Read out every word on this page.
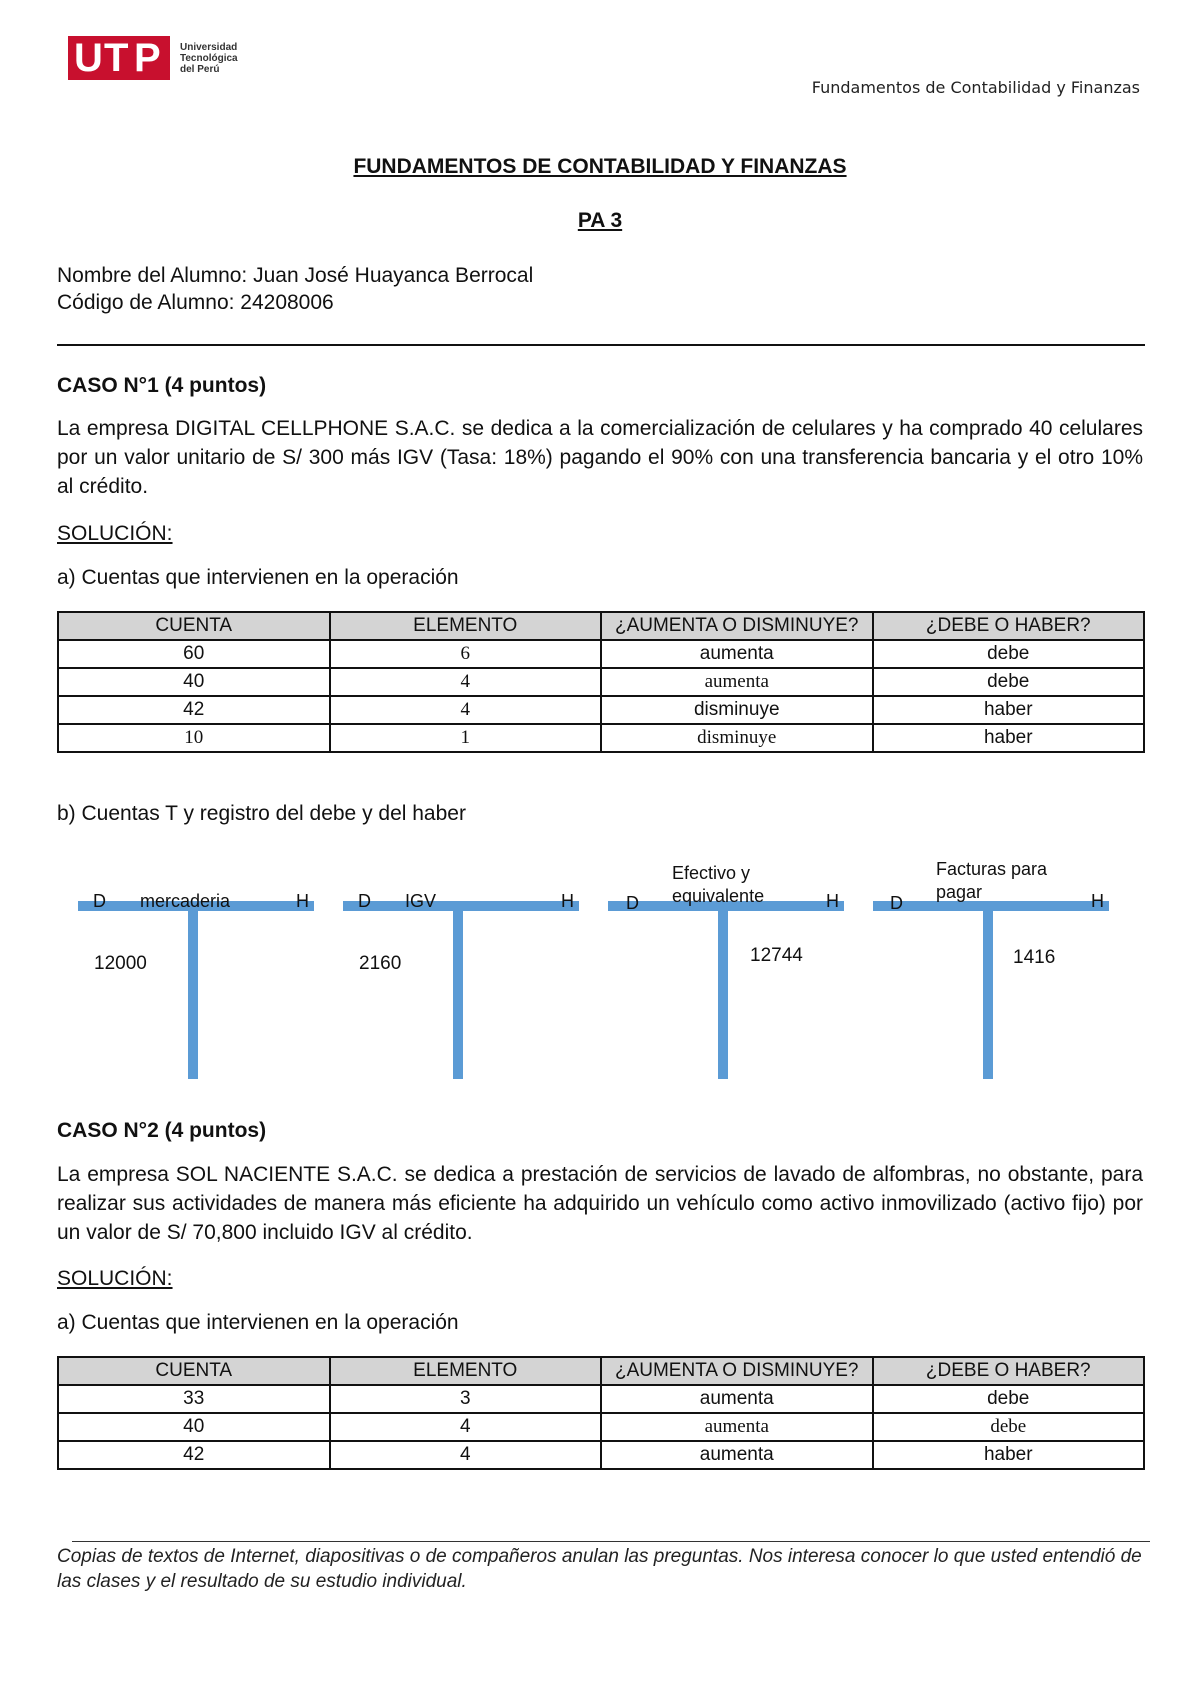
U
T
P Universidad
Tecnológica
del Perú
Fundamentos de Contabilidad y Finanzas
FUNDAMENTOS DE CONTABILIDAD Y FINANZAS
PA 3
Nombre del Alumno: Juan José Huayanca Berrocal
Código de Alumno: 24208006
CASO N°1 (4 puntos)
La empresa DIGITAL CELLPHONE S.A.C. se dedica a la comercialización de celulares y ha comprado 40 celulares por un valor unitario de S/ 300 más IGV (Tasa: 18%) pagando el 90% con una transferencia bancaria y el otro 10% al crédito.
SOLUCIÓN:
a) Cuentas que intervienen en la operación
CUENTA	ELEMENTO	¿AUMENTA O DISMINUYE?	¿DEBE O HABER?
60	6	aumenta	debe
40	4	aumenta	debe
42	4	disminuye	haber
10	1	disminuye	haber
b) Cuentas T y registro del debe y del haber
D mercaderia	H
12000
D IGV	H
2160
D
Efectivo y equivalente	H
12744
D
Facturas para pagar	H
1416
CASO N°2 (4 puntos)
La empresa SOL NACIENTE S.A.C. se dedica a prestación de servicios de lavado de alfombras, no obstante, para realizar sus actividades de manera más eficiente ha adquirido un vehículo como activo inmovilizado (activo fijo) por un valor de S/ 70,800 incluido IGV al crédito.
SOLUCIÓN:
a) Cuentas que intervienen en la operación
CUENTA	ELEMENTO	¿AUMENTA O DISMINUYE?	¿DEBE O HABER?
33	3	aumenta	debe
40	4	aumenta	debe
42	4	aumenta	haber
Copias de textos de Internet, diapositivas o de compañeros anulan las preguntas. Nos interesa conocer lo que usted entendió de las clases y el resultado de su estudio individual.
